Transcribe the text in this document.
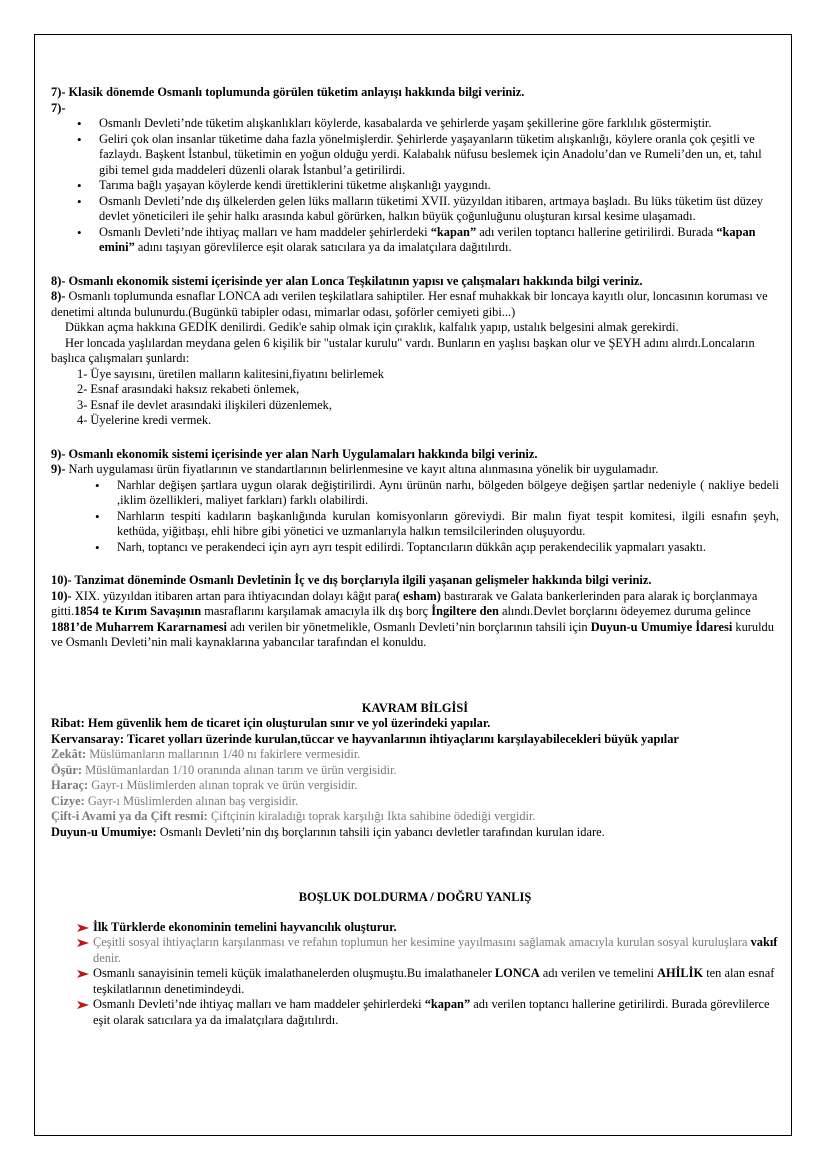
7)- Klasik dönemde Osmanlı toplumunda görülen tüketim anlayışı hakkında bilgi veriniz.

7)-

• Osmanlı Devleti’nde tüketim alışkanlıkları köylerde, kasabalarda ve şehirlerde yaşam şekillerine göre farklılık göstermiştir.
• Geliri çok olan insanlar tüketime daha fazla yönelmişlerdir. Şehirlerde yaşayanların tüketim alışkanlığı, köylere oranla çok çeşitli ve fazlaydı. Başkent İstanbul, tüketimin en yoğun olduğu yerdi. Kalabalık nüfusu beslemek için Anadolu’dan ve Rumeli’den un, et, tahıl gibi temel gıda maddeleri düzenli olarak İstanbul’a getirilirdi.
• Tarıma bağlı yaşayan köylerde kendi ürettiklerini tüketme alışkanlığı yaygındı.
• Osmanlı Devleti’nde dış ülkelerden gelen lüks malların tüketimi XVII. yüzyıldan itibaren, artmaya başladı. Bu lüks tüketim üst düzey devlet yöneticileri ile şehir halkı arasında kabul görürken, halkın büyük çoğunluğunu oluşturan kırsal kesime ulaşamadı.
• Osmanlı Devleti’nde ihtiyaç malları ve ham maddeler şehirlerdeki “kapan” adı verilen toptancı hallerine getirilirdi. Burada “kapan emini” adını taşıyan görevlilerce eşit olarak satıcılara ya da imalatçılara dağıtılırdı.

8)- Osmanlı ekonomik sistemi içerisinde yer alan Lonca Teşkilatının yapısı ve çalışmaları hakkında bilgi veriniz.

8)- Osmanlı toplumunda esnaflar LONCA adı verilen teşkilatlara sahiptiler. Her esnaf muhakkak bir loncaya kayıtlı olur, loncasının koruması ve denetimi altında bulunurdu.(Bugünkü tabipler odası, mimarlar odası, şoförler cemiyeti gibi...)

Dükkan açma hakkına GEDİK denilirdi. Gedik'e sahip olmak için çıraklık, kalfalık yapıp, ustalık belgesini almak gerekirdi.

Her loncada yaşlılardan meydana gelen 6 kişilik bir "ustalar kurulu" vardı. Bunların en yaşlısı başkan olur ve ŞEYH adını alırdı.Loncaların başlıca çalışmaları şunlardı:

1- Üye sayısını, üretilen malların kalitesini,fiyatını belirlemek
2- Esnaf arasındaki haksız rekabeti önlemek,
3- Esnaf ile devlet arasındaki ilişkileri düzenlemek,
4- Üyelerine kredi vermek.

9)- Osmanlı ekonomik sistemi içerisinde yer alan Narh Uygulamaları hakkında bilgi veriniz.

9)- Narh uygulaması ürün fiyatlarının ve standartlarının belirlenmesine ve kayıt altına alınmasına yönelik bir uygulamadır.

• Narhlar değişen şartlara uygun olarak değiştirilirdi. Aynı ürünün narhı, bölgeden bölgeye değişen şartlar nedeniyle ( nakliye bedeli ,iklim özellikleri, maliyet farkları) farklı olabilirdi.
• Narhların tespiti kadıların başkanlığında kurulan komisyonların göreviydi. Bir malın fiyat tespit komitesi, ilgili esnafın şeyh, kethüda, yiğitbaşı, ehli hibre gibi yönetici ve uzmanlarıyla halkın temsilcilerinden oluşuyordu.
• Narh, toptancı ve perakendeci için ayrı ayrı tespit edilirdi. Toptancıların dükkân açıp perakendecilik yapmaları yasaktı.

10)- Tanzimat döneminde Osmanlı Devletinin İç ve dış borçlarıyla ilgili yaşanan gelişmeler hakkında bilgi veriniz.

10)- XIX. yüzyıldan itibaren artan para ihtiyacından dolayı kâğıt para( esham) bastırarak ve Galata bankerlerinden para alarak iç borçlanmaya gitti.1854 te Kırım Savaşının masraflarını karşılamak amacıyla ilk dış borç İngiltere den alındı.Devlet borçlarını ödeyemez duruma gelince 1881’de Muharrem Kararnamesi adı verilen bir yönetmelikle, Osmanlı Devleti’nin borçlarının tahsili için Duyun-u Umumiye İdaresi kuruldu ve Osmanlı Devleti’nin mali kaynaklarına yabancılar tarafından el konuldu.

KAVRAM BİLGİSİ

Ribat: Hem güvenlik hem de ticaret için oluşturulan sınır ve yol üzerindeki yapılar.

Kervansaray: Ticaret yolları üzerinde kurulan,tüccar ve hayvanlarının ihtiyaçlarını karşılayabilecekleri büyük yapılar

Zekât: Müslümanların mallarının 1/40 nı fakirlere vermesidir.

Öşür: Müslümanlardan 1/10 oranında alınan tarım ve ürün vergisidir.

Haraç: Gayr-ı Müslimlerden alınan toprak ve ürün vergisidir.

Cizye: Gayr-ı Müslimlerden alınan baş vergisidir.

Çift-i Avami ya da Çift resmi: Çiftçinin kiraladığı toprak karşılığı Ikta sahibine ödediği vergidir.

Duyun-u Umumiye: Osmanlı Devleti’nin dış borçlarının tahsili için yabancı devletler tarafından kurulan idare.

BOŞLUK DOLDURMA / DOĞRU YANLIŞ

İlk Türklerde ekonominin temelini hayvancılık oluşturur.
Çeşitli sosyal ihtiyaçların karşılanması ve refahın toplumun her kesimine yayılmasını sağlamak amacıyla kurulan sosyal kuruluşlara vakıf denir.
Osmanlı sanayisinin temeli küçük imalathanelerden oluşmuştu.Bu imalathaneler LONCA adı verilen ve temelini AHİLİK ten alan esnaf teşkilatlarının denetimindeydi.
Osmanlı Devleti’nde ihtiyaç malları ve ham maddeler şehirlerdeki “kapan” adı verilen toptancı hallerine getirilirdi. Burada görevlilerce eşit olarak satıcılara ya da imalatçılara dağıtılırdı.
